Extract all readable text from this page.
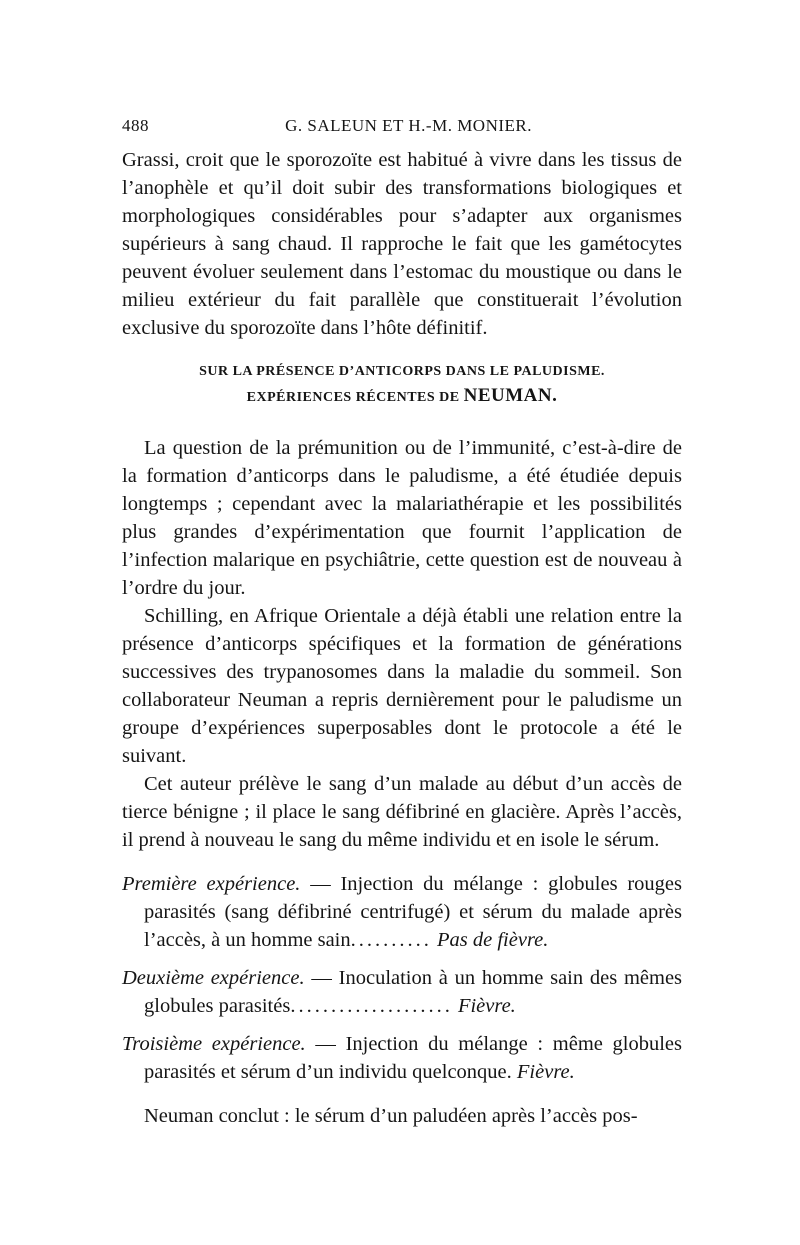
488	G. SALEUN ET H.-M. MONIER.

Grassi, croit que le sporozoïte est habitué à vivre dans les tissus de l’anophèle et qu’il doit subir des transformations biologiques et morphologiques considérables pour s’adapter aux organismes supérieurs à sang chaud. Il rapproche le fait que les gamétocytes peuvent évoluer seulement dans l’estomac du moustique ou dans le milieu extérieur du fait parallèle que constituerait l’évolution exclusive du sporozoïte dans l’hôte définitif.

SUR LA PRÉSENCE D’ANTICORPS DANS LE PALUDISME.
EXPÉRIENCES RÉCENTES DE NEUMAN.

La question de la prémunition ou de l’immunité, c’est-à-dire de la formation d’anticorps dans le paludisme, a été étudiée depuis longtemps ; cependant avec la malariathérapie et les possibilités plus grandes d’expérimentation que fournit l’application de l’infection malarique en psychiâtrie, cette question est de nouveau à l’ordre du jour.

Schilling, en Afrique Orientale a déjà établi une relation entre la présence d’anticorps spécifiques et la formation de générations successives des trypanosomes dans la maladie du sommeil. Son collaborateur Neuman a repris dernièrement pour le paludisme un groupe d’expériences superposables dont le protocole a été le suivant.

Cet auteur prélève le sang d’un malade au début d’un accès de tierce bénigne ; il place le sang défibriné en glacière. Après l’accès, il prend à nouveau le sang du même individu et en isole le sérum.

Première expérience. — Injection du mélange : globules rouges parasités (sang défibriné centrifugé) et sérum du malade après l’accès, à un homme sain.......... Pas de fièvre.

Deuxième expérience. — Inoculation à un homme sain des mêmes globules parasités.................... Fièvre.

Troisième expérience. — Injection du mélange : même globules parasités et sérum d’un individu quelconque. Fièvre.

Neuman conclut : le sérum d’un paludéen après l’accès pos-
